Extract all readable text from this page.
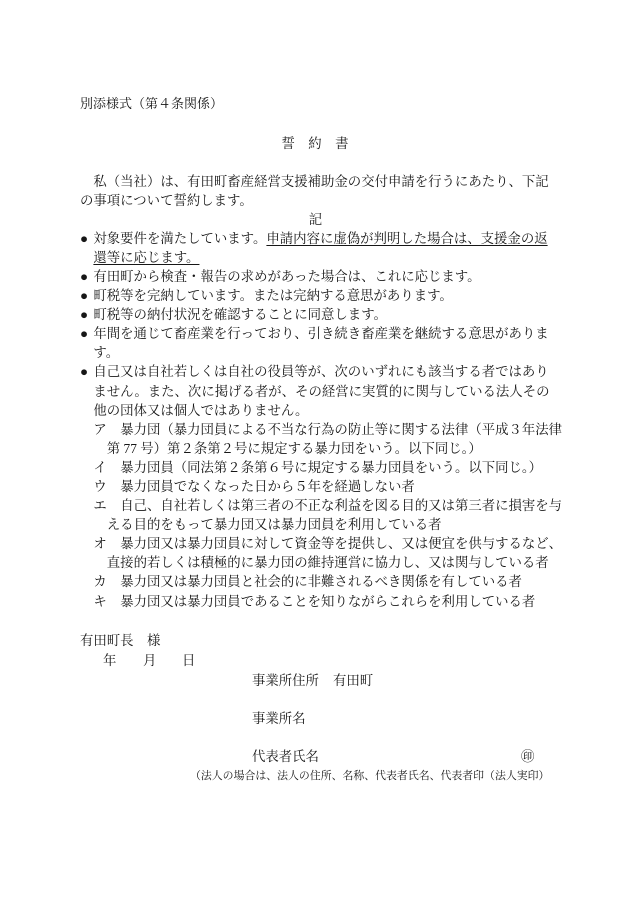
別添様式（第４条関係）
誓　約　書
私（当社）は、有田町畜産経営支援補助金の交付申請を行うにあたり、下記
の事項について誓約します。
記
● 対象要件を満たしています。申請内容に虚偽が判明した場合は、支援金の返
還等に応じます。
● 有田町から検査・報告の求めがあった場合は、これに応じます。
● 町税等を完納しています。または完納する意思があります。
● 町税等の納付状況を確認することに同意します。
● 年間を通じて畜産業を行っており、引き続き畜産業を継続する意思がありま
す。
● 自己又は自社若しくは自社の役員等が、次のいずれにも該当する者ではあり
ません。また、次に掲げる者が、その経営に実質的に関与している法人その
他の団体又は個人ではありません。
ア 暴力団（暴力団員による不当な行為の防止等に関する法律（平成３年法律
第 77 号）第２条第２号に規定する暴力団をいう。以下同じ。）
イ 暴力団員（同法第２条第６号に規定する暴力団員をいう。以下同じ。）
ウ 暴力団員でなくなった日から５年を経過しない者
エ 自己、自社若しくは第三者の不正な利益を図る目的又は第三者に損害を与
える目的をもって暴力団又は暴力団員を利用している者
オ 暴力団又は暴力団員に対して資金等を提供し、又は便宜を供与するなど、
直接的若しくは積極的に暴力団の維持運営に協力し、又は関与している者
カ 暴力団又は暴力団員と社会的に非難されるべき関係を有している者
キ 暴力団又は暴力団員であることを知りながらこれらを利用している者
有田町長　様
年 月 日
事業所住所 有田町
事業所名
代表者氏名	㊞
（法人の場合は、法人の住所、名称、代表者氏名、代表者印（法人実印）
